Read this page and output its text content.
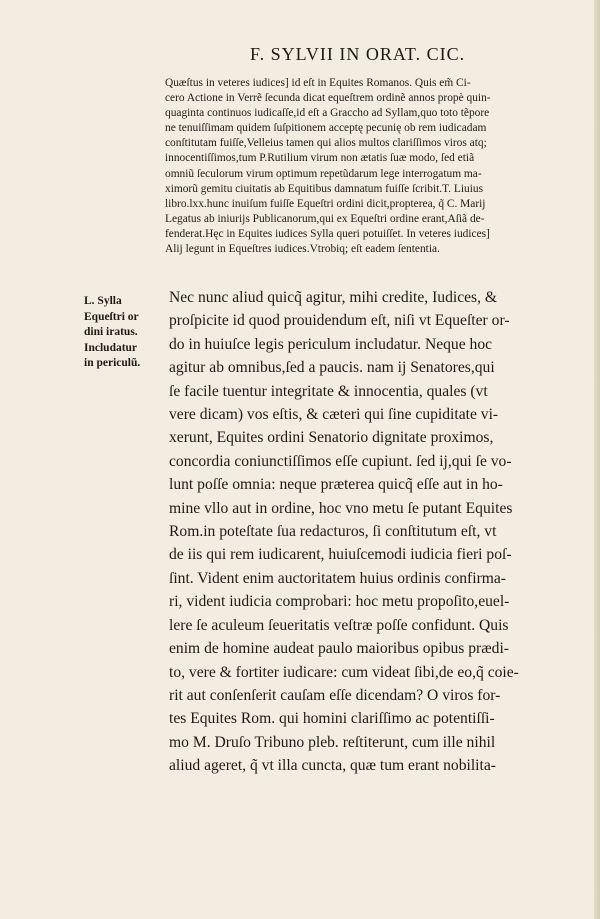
F. SYLVII IN ORAT. CIC.
Quæſtus in veteres iudices] id eſt in Equites Romanos. Quis em̃ Ci-
cero Actione in Verrẽ ſecunda dicat equeſtrem ordinẽ annos propè quin-
quaginta continuos iudicaſſe,id eſt a Graccho ad Syllam,quo toto tẽpore
ne tenuiſſimam quidem ſuſpitionem acceptę pecunię ob rem iudicadam
conſtitutam fuiſſe,Velleius tamen qui alios multos clariſſimos viros atq;
innocentiſſimos,tum P.Rutilium virum non ætatis ſuæ modo, ſed etiã
omniũ ſeculorum virum optimum repetũdarum lege interrogatum ma-
ximorũ gemitu ciuitatis ab Equitibus damnatum fuiſſe ſcribit.T. Liuius
libro.lxx.hunc inuiſum fuiſſe Equeſtri ordini dicit,propterea, q̃ C. Marij
Legatus ab iniurijs Publicanorum,qui ex Equeſtri ordine erant,Aſiã de-
fenderat.Hęc in Equites iudices Sylla queri potuiſſet. In veteres iudices]
Alij legunt in Equeſtres iudices.Vtrobiq; eſt eadem ſententia.
L. Sylla
Equeſtri or
dini iratus.
Includatur
in periculũ.
Nec nunc aliud quicq̃ agitur, mihi credite, Iudices, &
proſpicite id quod prouidendum eſt, niſi vt Equeſter or-
do in huiuſce legis periculum includatur. Neque hoc
agitur ab omnibus,ſed a paucis. nam ij Senatores,qui
ſe facile tuentur integritate & innocentia, quales (vt
vere dicam) vos eſtis, & cæteri qui ſine cupiditate vi-
xerunt, Equites ordini Senatorio dignitate proximos,
concordia coniunctiſſimos eſſe cupiunt. ſed ij,qui ſe vo-
lunt poſſe omnia: neque præterea quicq̃ eſſe aut in ho-
mine vllo aut in ordine, hoc vno metu ſe putant Equites
Rom.in poteſtate ſua redacturos, ſi conſtitutum eſt, vt
de iis qui rem iudicarent, huiuſcemodi iudicia fieri poſ-
ſint. Vident enim auctoritatem huius ordinis confirma-
ri, vident iudicia comprobari: hoc metu propoſito,euel-
lere ſe aculeum ſeueritatis veſtræ poſſe confidunt. Quis
enim de homine audeat paulo maioribus opibus prædi-
to, vere & fortiter iudicare: cum videat ſibi,de eo,q̃ coie-
rit aut conſenſerit cauſam eſſe dicendam? O viros for-
tes Equites Rom. qui homini clariſſimo ac potentiſſi-
mo M. Druſo Tribuno pleb. reſtiterunt, cum ille nihil
aliud ageret, q̃ vt illa cuncta, quæ tum erant nobilita-
